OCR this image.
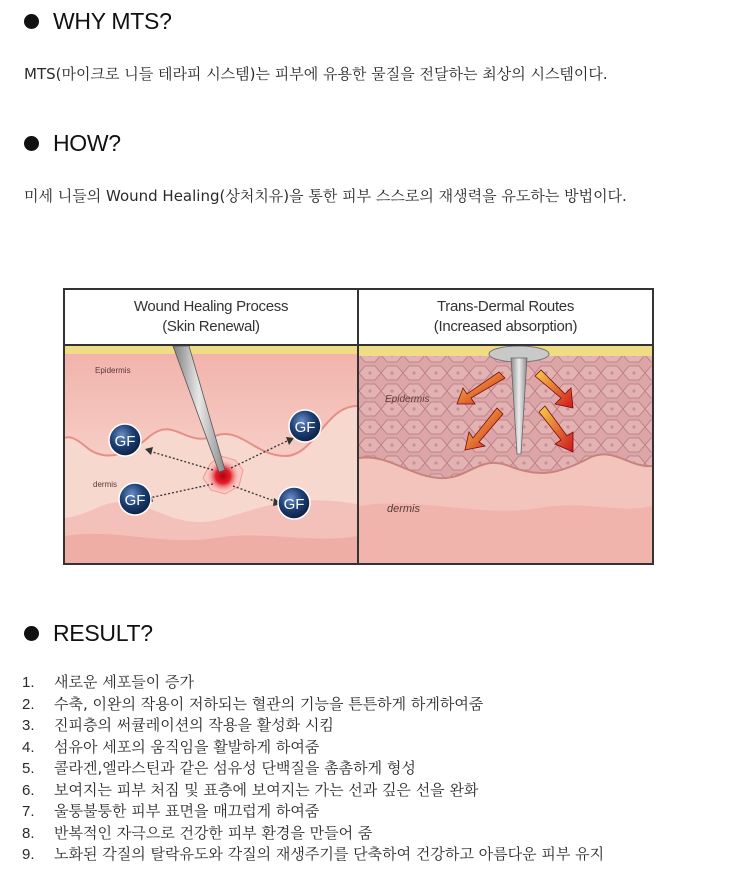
WHY MTS?
MTS(마이크로 니들 테라피 시스템)는 피부에 유용한 물질을 전달하는 최상의 시스템이다.
HOW?
미세 니들의 Wound Healing(상처치유)을 통한 피부 스스로의 재생력을 유도하는 방법이다.
Wound Healing Process
(Skin Renewal)
Trans-Dermal Routes
(Increased absorption)
Epidermis
dermis
GF
GF
GF	GF
Epidermis
dermis
RESULT?
1.	새로운 세포들이 증가
2.	수축, 이완의 작용이 저하되는 혈관의 기능을 튼튼하게 하게하여줌
3.	진피층의 써큘레이션의 작용을 활성화 시킴
4.	섬유아 세포의 움직임을 활발하게 하여줌
5.	콜라겐,엘라스틴과 같은 섬유성 단백질을 촘촘하게 형성
6.	보여지는 피부 처짐 및 표층에 보여지는 가는 선과 깊은 선을 완화
7.	울퉁불퉁한 피부 표면을 매끄럽게 하여줌
8.	반복적인 자극으로 건강한 피부 환경을 만들어 줌
9.	노화된 각질의 탈락유도와 각질의 재생주기를 단축하여 건강하고 아름다운 피부 유지
